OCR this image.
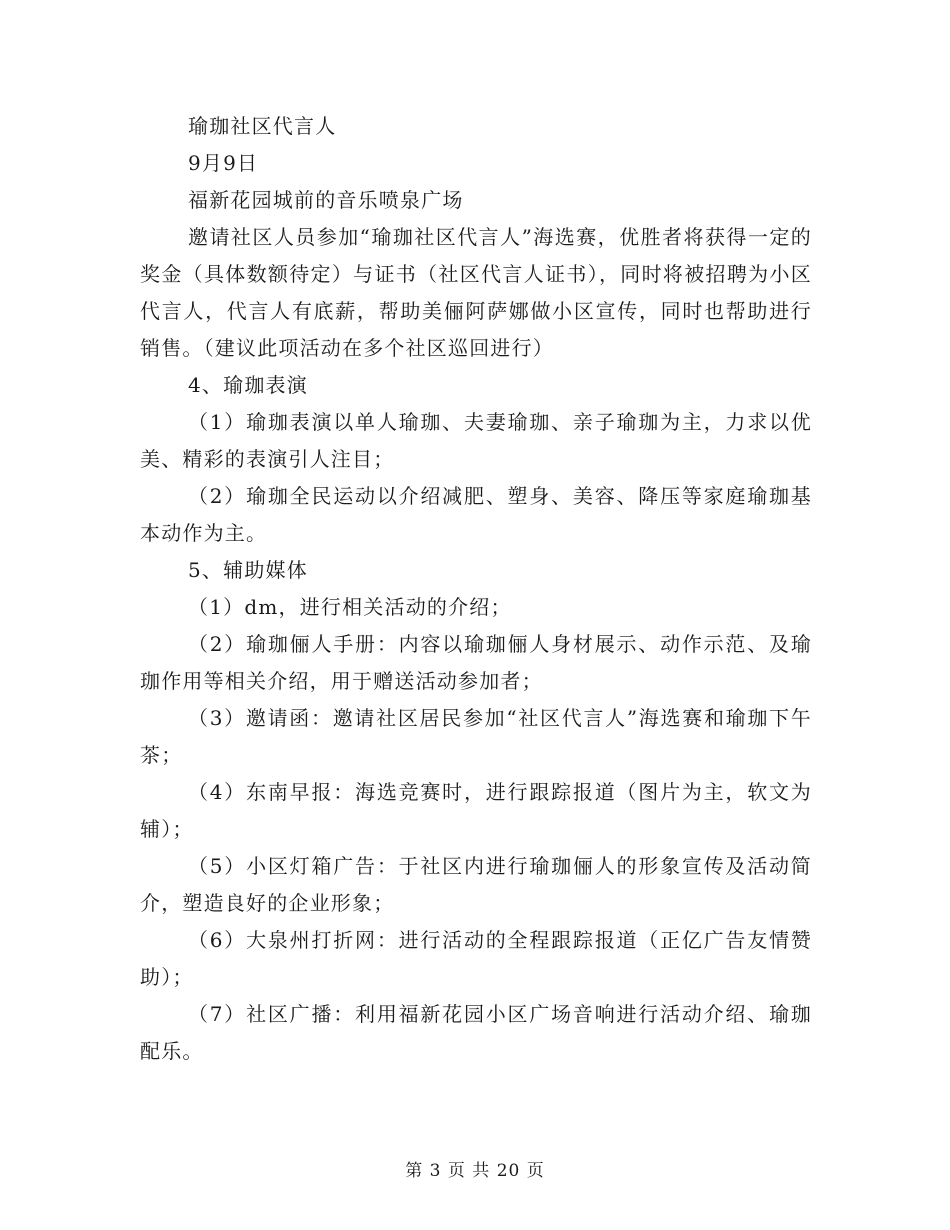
瑜珈社区代言人

9月9日

福新花园城前的音乐喷泉广场

邀请社区人员参加“瑜珈社区代言人”海选赛，优胜者将获得一定的奖金（具体数额待定）与证书（社区代言人证书），同时将被招聘为小区代言人，代言人有底薪，帮助美俪阿萨娜做小区宣传，同时也帮助进行销售。（建议此项活动在多个社区巡回进行）

4、瑜珈表演

（1）瑜珈表演以单人瑜珈、夫妻瑜珈、亲子瑜珈为主，力求以优美、精彩的表演引人注目；

（2）瑜珈全民运动以介绍减肥、塑身、美容、降压等家庭瑜珈基本动作为主。

5、辅助媒体

（1）dm，进行相关活动的介绍；

（2）瑜珈俪人手册：内容以瑜珈俪人身材展示、动作示范、及瑜珈作用等相关介绍，用于赠送活动参加者；

（3）邀请函：邀请社区居民参加“社区代言人”海选赛和瑜珈下午茶；

（4）东南早报：海选竞赛时，进行跟踪报道（图片为主，软文为辅）；

（5）小区灯箱广告：于社区内进行瑜珈俪人的形象宣传及活动简介，塑造良好的企业形象；

（6）大泉州打折网：进行活动的全程跟踪报道（正亿广告友情赞助）；

（7）社区广播：利用福新花园小区广场音响进行活动介绍、瑜珈配乐。

第 3 页 共 20 页
